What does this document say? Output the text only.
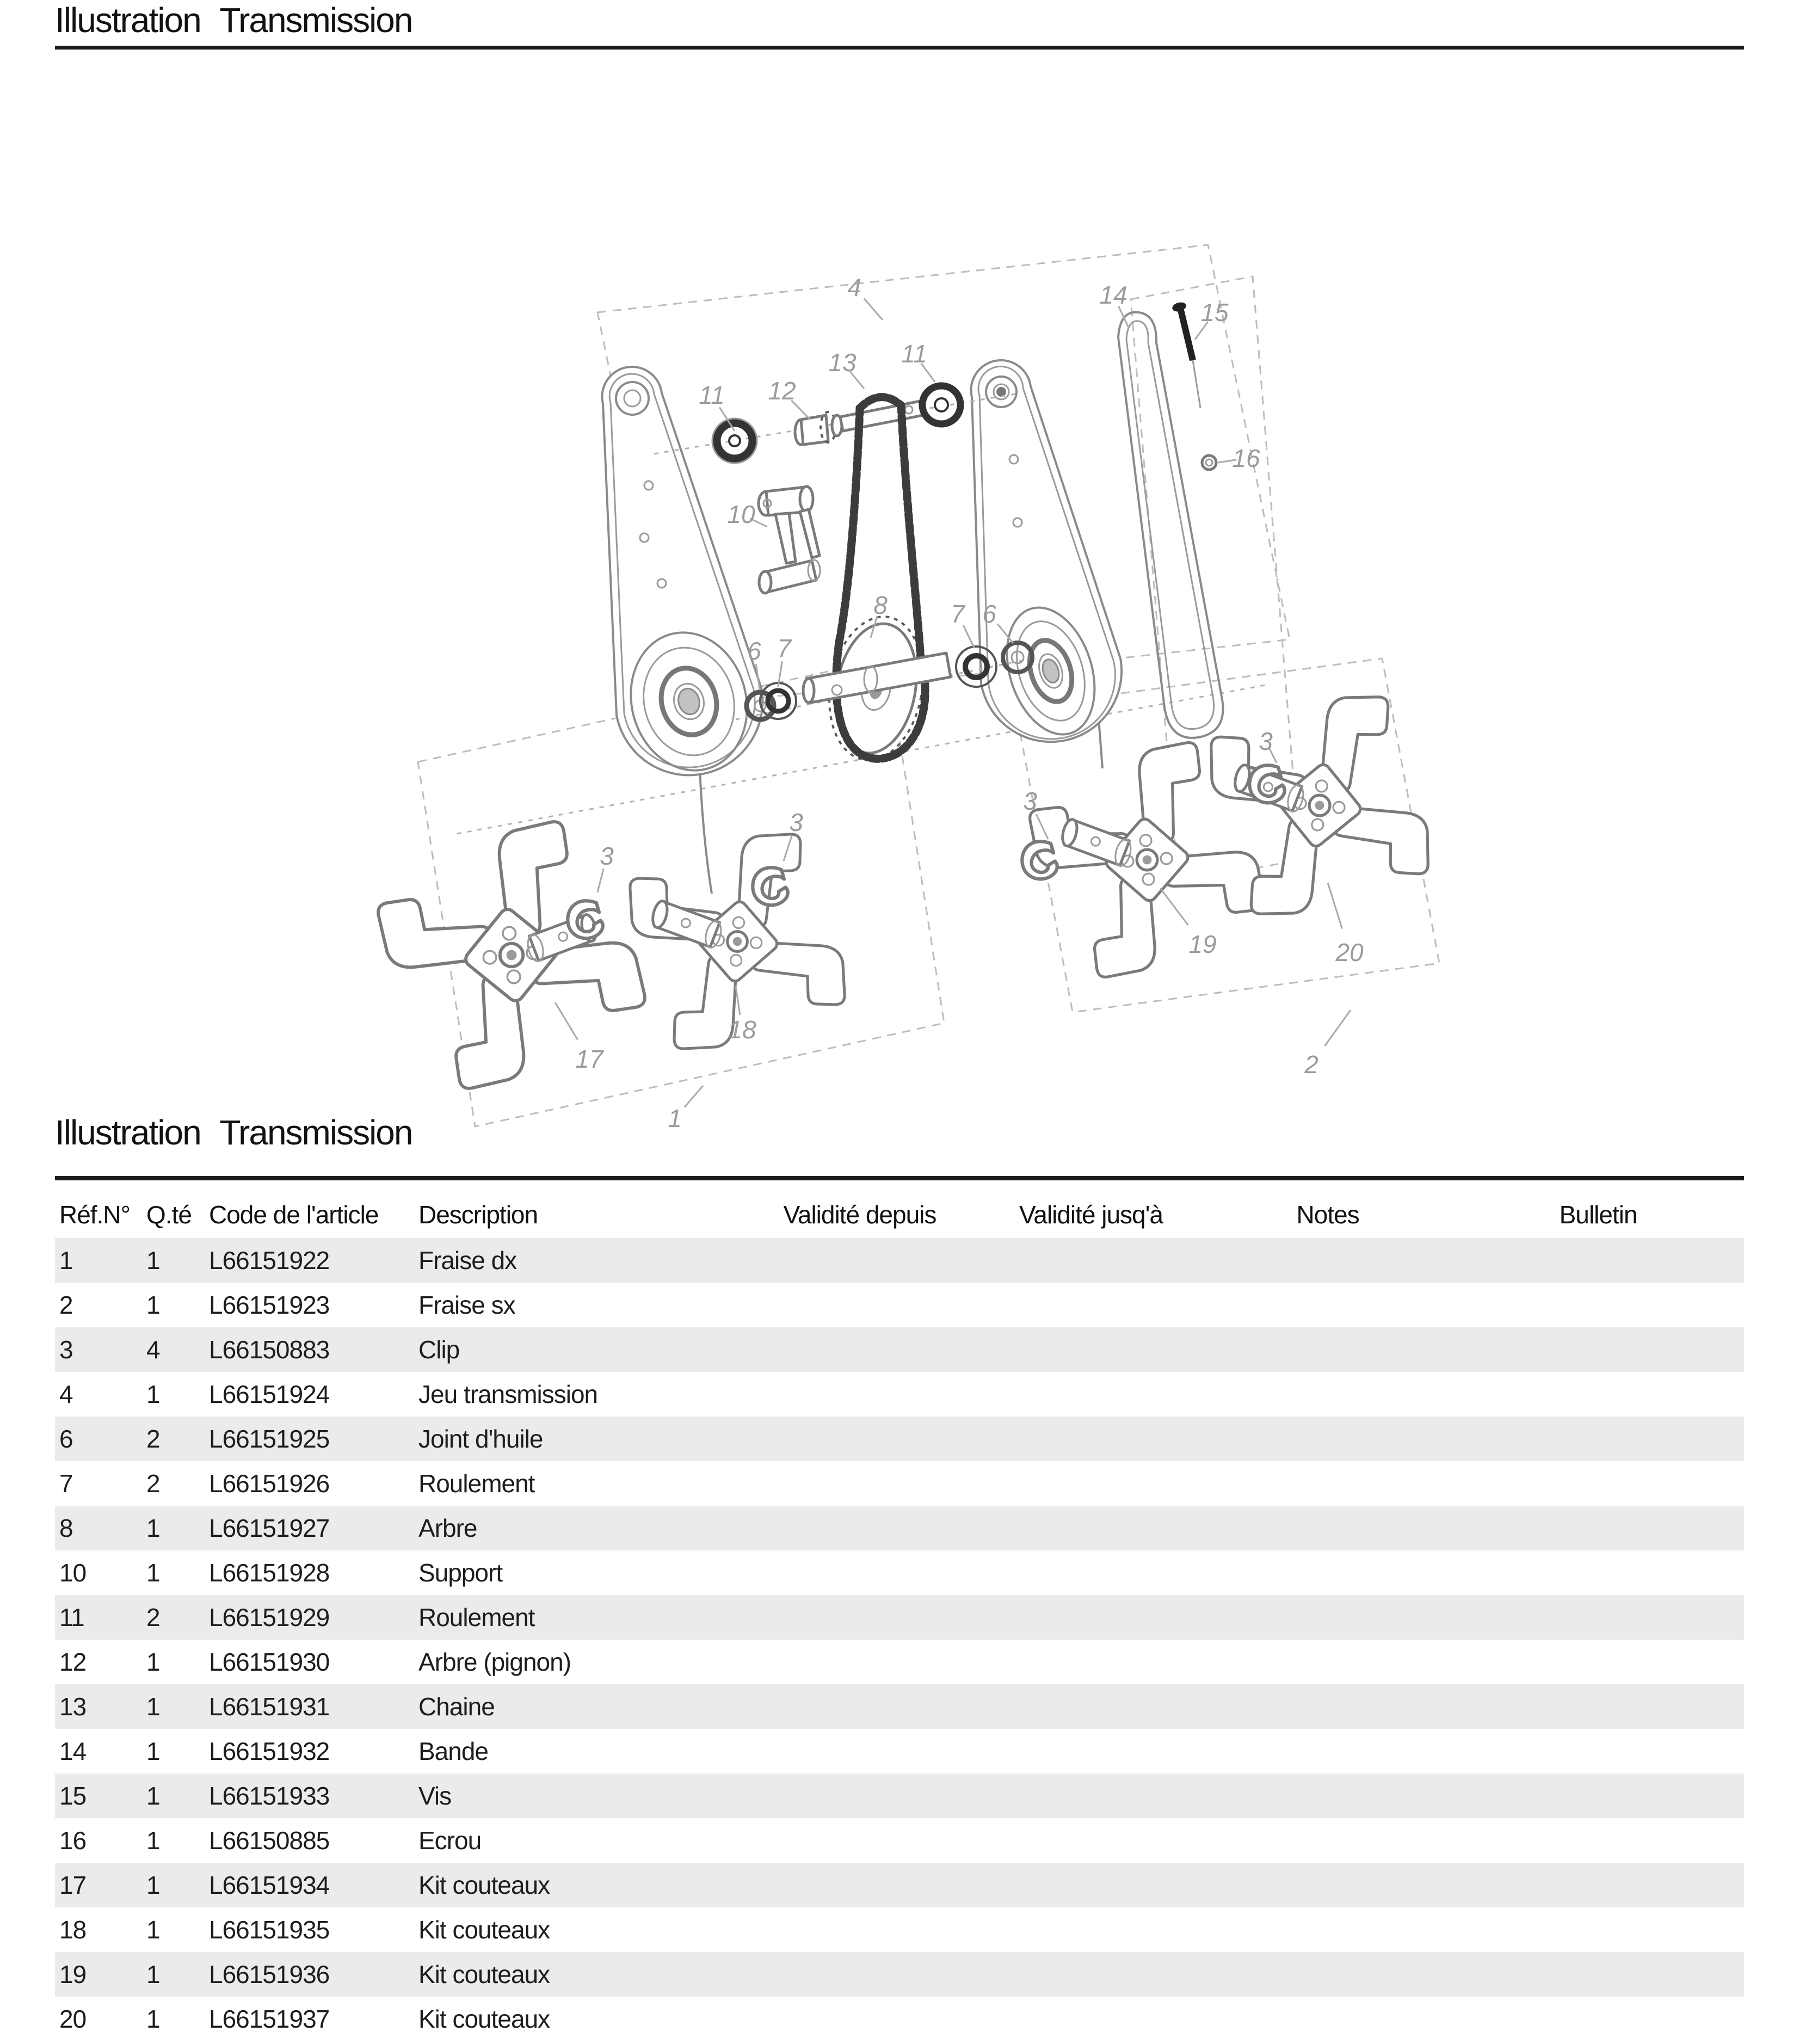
Illustration Transmission
4
11 12
13 11
10
8
6 7
7 6
14
15
16
3
3
3
3
17
18
19	20
1
2
Illustration Transmission
Réf.N°	Q.té	Code de l'article	Description	Validité depuis	Validité jusq'à	Notes	Bulletin
1	1	L66151922	Fraise dx				
2	1	L66151923	Fraise sx				
3	4	L66150883	Clip				
4	1	L66151924	Jeu transmission				
6	2	L66151925	Joint d'huile				
7	2	L66151926	Roulement				
8	1	L66151927	Arbre				
10	1	L66151928	Support				
11	2	L66151929	Roulement				
12	1	L66151930	Arbre (pignon)				
13	1	L66151931	Chaine				
14	1	L66151932	Bande				
15	1	L66151933	Vis				
16	1	L66150885	Ecrou				
17	1	L66151934	Kit couteaux				
18	1	L66151935	Kit couteaux				
19	1	L66151936	Kit couteaux				
20	1	L66151937	Kit couteaux				
